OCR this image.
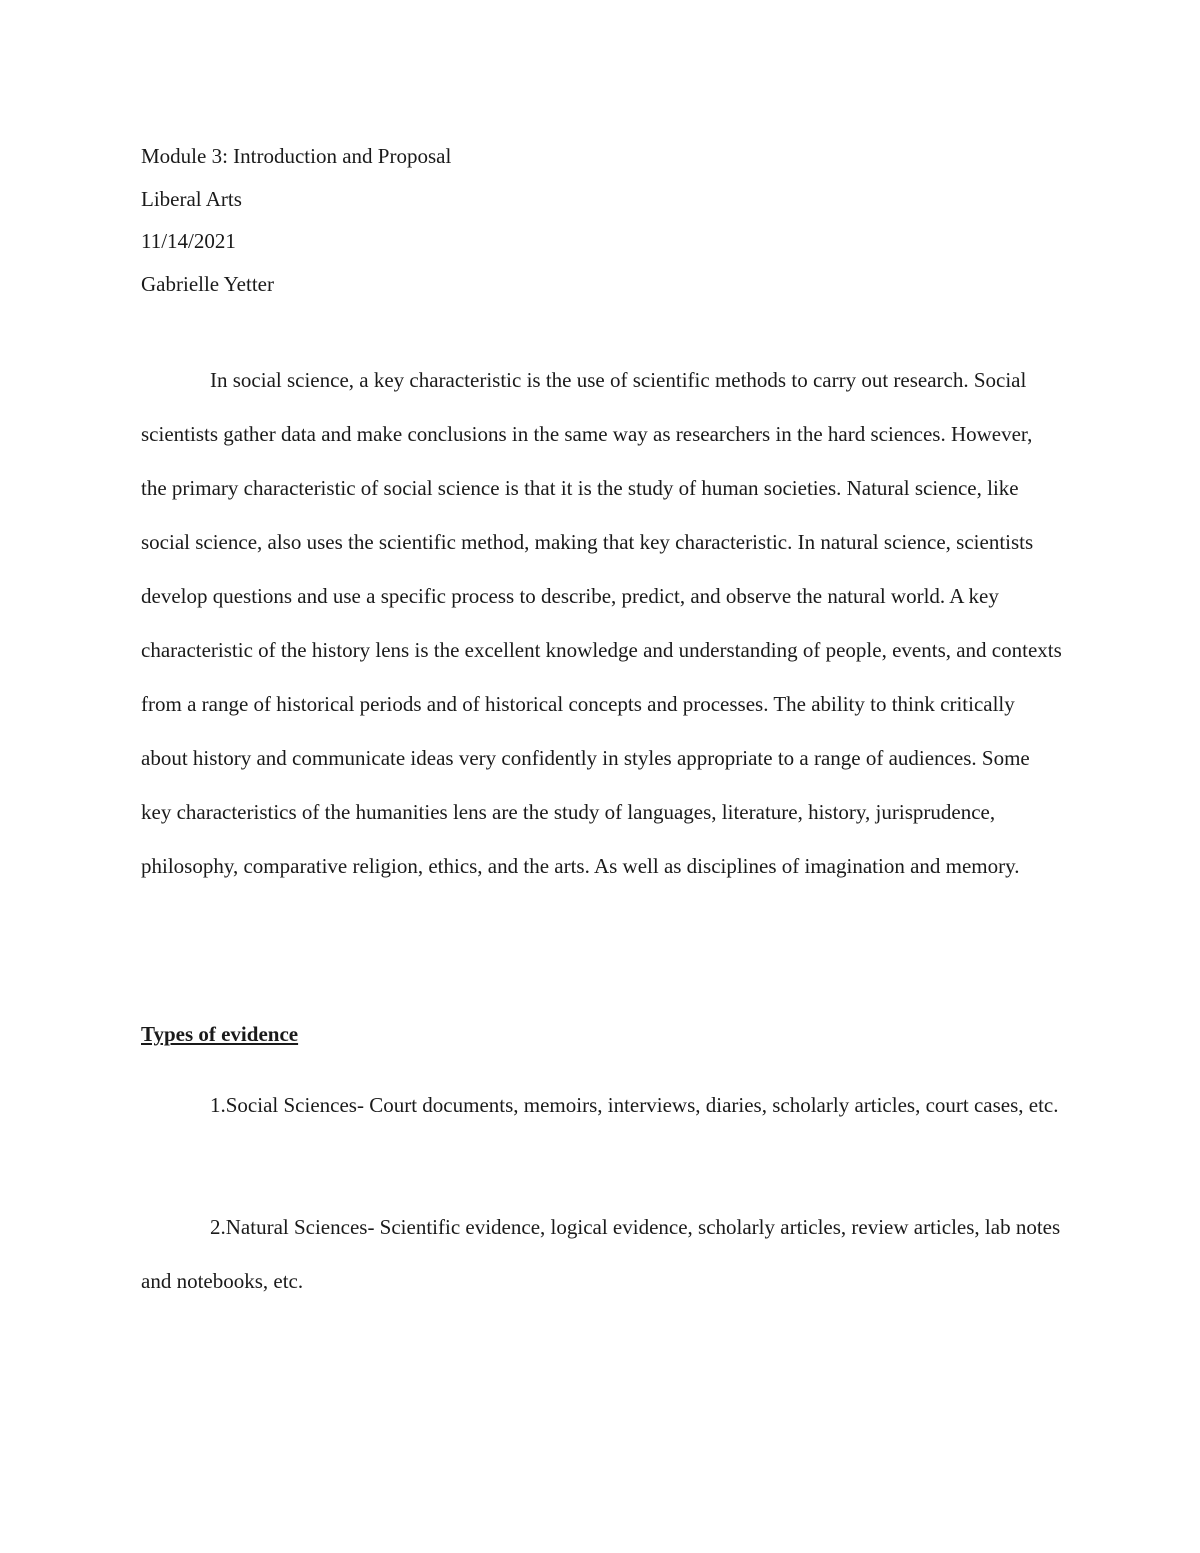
Module 3: Introduction and Proposal
Liberal Arts
11/14/2021
Gabrielle Yetter

In social science, a key characteristic is the use of scientific methods to carry out research. Social scientists gather data and make conclusions in the same way as researchers in the hard sciences. However, the primary characteristic of social science is that it is the study of human societies. Natural science, like social science, also uses the scientific method, making that key characteristic. In natural science, scientists develop questions and use a specific process to describe, predict, and observe the natural world. A key characteristic of the history lens is the excellent knowledge and understanding of people, events, and contexts from a range of historical periods and of historical concepts and processes. The ability to think critically about history and communicate ideas very confidently in styles appropriate to a range of audiences. Some key characteristics of the humanities lens are the study of languages, literature, history, jurisprudence, philosophy, comparative religion, ethics, and the arts. As well as disciplines of imagination and memory.

Types of evidence
1.Social Sciences- Court documents, memoirs, interviews, diaries, scholarly articles, court cases, etc.
2.Natural Sciences- Scientific evidence, logical evidence, scholarly articles, review articles, lab notes and notebooks, etc.
